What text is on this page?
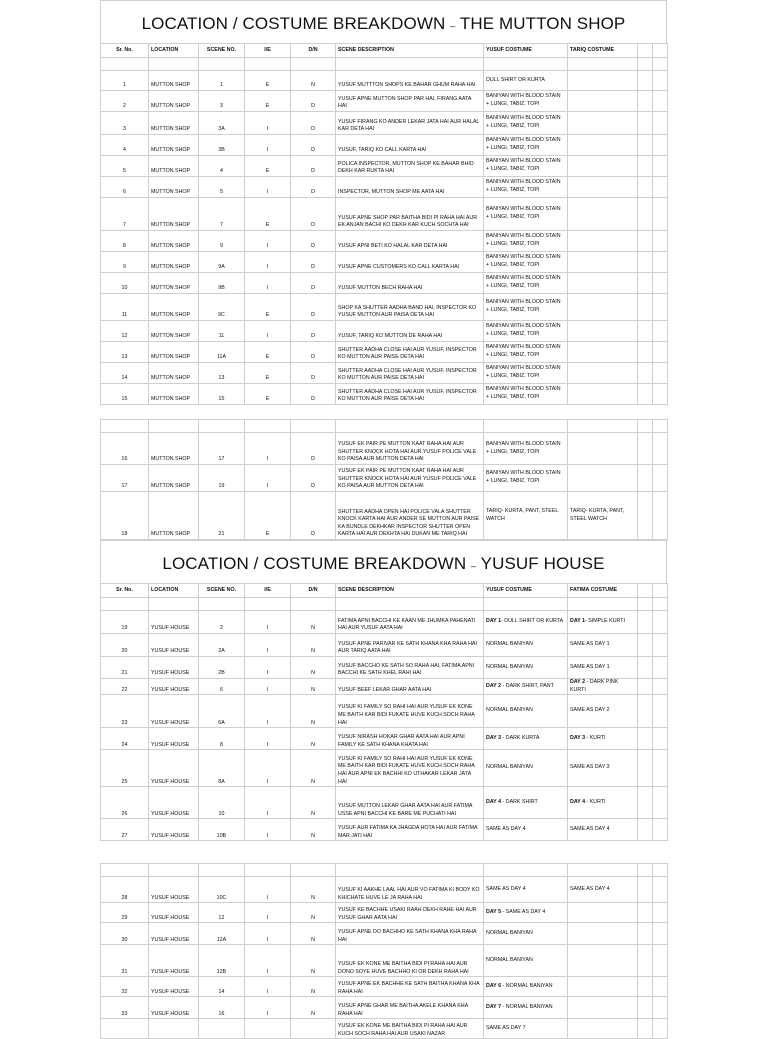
LOCATION / COSTUME BREAKDOWN – THE MUTTON SHOP
Sr. No.	LOCATION	SCENE NO.	I/E	D/N	SCENE DESCRIPTION	YUSUF COSTUME	TARIQ COSTUME		

1	MUTTON SHOP	1	E	N	YUSUF MUTTTON SHOPS KE BAHAR GHUM RAHA HAI	DULL SHIRT OR KURTA			
2	MUTTON SHOP	3	E	D	YUSUF APNE MUTTON SHOP PAR HAI, FIRANG AATA HAI	BANIYAN WITH BLOOD STAIN + LUNGI, TABIZ, TOPI			
3	MUTTON SHOP	3A	I	D	YUSUF FIRANG KO ANDER LEKAR JATA HAI AUR HALAL KAR DETA HAI	BANIYAN WITH BLOOD STAIN + LUNGI, TABIZ, TOPI			
4	MUTTON SHOP	3B	I	D	YUSUF, TARIQ KO CALL KARTA HAI	BANIYAN WITH BLOOD STAIN + LUNGI, TABIZ, TOPI			
5	MUTTON SHOP	4	E	D	POLICA INSPECTOR, MUTTON SHOP KE BAHAR BHID DEKH KAR RUKTA HAI	BANIYAN WITH BLOOD STAIN + LUNGI, TABIZ, TOPI			
6	MUTTON SHOP	5	I	D	INSPECTOR, MUTTON SHOP ME AATA HAI	BANIYAN WITH BLOOD STAIN + LUNGI, TABIZ, TOPI			
7	MUTTON SHOP	7	E	D	YUSUF APNE SHOP PAR BAITHA BIDI PI RAHA HAI AUR EK ANJAN BACHI KO DEKH KAR KUCH SOCHTA HAI	BANIYAN WITH BLOOD STAIN + LUNGI, TABIZ, TOPI			
8	MUTTON SHOP	9	I	D	YUSUF APNI BETI KO HALAL KAR DETA HAI	BANIYAN WITH BLOOD STAIN + LUNGI, TABIZ, TOPI			
9	MUTTON SHOP	9A	I	D	YUSUF APNE CUSTOMERS KO CALL KARTA HAI	BANIYAN WITH BLOOD STAIN + LUNGI, TABIZ, TOPI			
10	MUTTON SHOP	9B	I	D	YUSUF MUTTON BECH RAHA HAI	BANIYAN WITH BLOOD STAIN + LUNGI, TABIZ, TOPI			
11	MUTTON SHOP	9C	E	D	SHOP KA SHUTTER AADHA BAND HAI, INSPECTOR KO YUSUF MUTTON AUR PAISA DETA HAI	BANIYAN WITH BLOOD STAIN + LUNGI, TABIZ, TOPI			
12	MUTTON SHOP	11	I	D	YUSUF, TARIQ KO MUTTON DE RAHA HAI	BANIYAN WITH BLOOD STAIN + LUNGI, TABIZ, TOPI			
13	MUTTON SHOP	11A	E	D	SHUTTER AADHA CLOSE HAI AUR YUSUF, INSPECTOR KO MUTTON AUR PAISE DETA HAI	BANIYAN WITH BLOOD STAIN + LUNGI, TABIZ, TOPI			
14	MUTTON SHOP	13	E	D	SHUTTER AADHA CLOSE HAI AUR YUSUF, INSPECTOR KO MUTTON AUR PAISE DETA HAI	BANIYAN WITH BLOOD STAIN + LUNGI, TABIZ, TOPI			
15	MUTTON SHOP	15	E	D	SHUTTER AADHA CLOSE HAI AUR YUSUF, INSPECTOR KO MUTTON AUR PAISE DETA HAI	BANIYAN WITH BLOOD STAIN + LUNGI, TABIZ, TOPI			

16	MUTTON SHOP	17	I	D	YUSUF EK PAIR PE MUTTON KAAT RAHA HAI AUR SHUTTER KNOCK HOTA HAI AUR YUSUF POLICE VALE KO PAISA AUR MUTTON DETA HAI	BANIYAN WITH BLOOD STAIN + LUNGI, TABIZ, TOPI			
17	MUTTON SHOP	19	I	D	YUSUF EK PAIR PE MUTTON KAAT RAHA HAI AUR SHUTTER KNOCK HOTA HAI AUR YUSUF POLICE VALE KO PAISA AUR MUTTON DETA HAI	BANIYAN WITH BLOOD STAIN + LUNGI, TABIZ, TOPI			
18	MUTTON SHOP	21	E	D	SHUTTER AADHA OPEN HAI POLICE VALA SHUTTER KNOCK KARTA HAI AUR ANDER SE MUTTON AUR PAISE KA BUNDLE DEKHKAR INSPECTOR SHUTTER OPEN KARTA HAI AUR DEKHTA HAI DUKAN ME TARIQ HAI	TARIQ- KURTA, PANT, STEEL WATCH	TARIQ- KURTA, PANT, STEEL WATCH		
LOCATION / COSTUME BREAKDOWN – YUSUF HOUSE
Sr. No.	LOCATION	SCENE NO.	I/E	D/N	SCENE DESCRIPTION	YUSUF COSTUME	FATIMA COSTUME		

19	YUSUF HOUSE	2	I	N	FATIMA APNI BACCHI KE KAAN ME JHUMKA PAHENATI HAI AUR YUSUF AATA HAI	DAY 1- DULL SHIRT OR KURTA	DAY 1- SIMPLE KURTI		
20	YUSUF HOUSE	2A	I	N	YUSUF APNE PARIVAR KE SATH KHANA KHA RAHA HAI AUR TARIQ AATA HAI	NORMAL BANIYAN	SAME AS DAY 1		
21	YUSUF HOUSE	2B	I	N	YUSUF BACCHO KE SATH SO RAHA HAI, FATIMA APNI BACCHI KE SATH KHEL RAHI HAI	NORMAL BANIYAN	SAME AS DAY 1		
22	YUSUF HOUSE	6	I	N	YUSUF BEEF LEKAR GHAR AATA HAI	DAY 2 - DARK SHIRT, PANT	DAY 2 - DARK PINK KURTI		
23	YUSUF HOUSE	6A	I	N	YUSUF KI FAMILY SO RAHI HAI AUR YUSUF EK KONE ME BAITH KAR BIDI FUKATE HUVE KUCH SOCH RAHA HAI	NORMAL BANIYAN	SAME AS DAY 2		
24	YUSUF HOUSE	8	I	N	YUSUF NIRASH HOKAR GHAR AATA HAI AUR APNI FAMILY KE SATH KHANA KHATA HAI	DAY 3 - DARK KURTA	DAY 3 - KURTI		
25	YUSUF HOUSE	8A	I	N	YUSUF KI FAMILY SO RAHI HAI AUR YUSUF EK KONE ME BAITH KAR BIDI FUKATE HUVE KUCH SOCH RAHA HAI AUR APNI EK BACHHI KO UTHAKAR LEKAR JATA HAI	NORMAL BANIYAN	SAME AS DAY 3		
26	YUSUF HOUSE	10	I	N	YUSUF MUTTON LEKAR GHAR AATA HAI AUR FATIMA USSE APNI BACCHI KE BARE ME PUCHATI HAI	DAY 4 - DARK SHIRT	DAY 4 - KURTI		
27	YUSUF HOUSE	10B	I	N	YUSUF AUR FATIMA KA JHAGDA HOTA HAI AUR FATIMA MAR JATI HAI	SAME AS DAY 4	SAME AS DAY 4		

28	YUSUF HOUSE	10C	I	N	YUSUF KI AAKHE LAAL HAI AUR VO FATIMA KI BODY KO KHICHATE HUVE LE JA RAHA HAI	SAME AS DAY 4	SAME AS DAY 4		
29	YUSUF HOUSE	12	I	N	YUSUF KE BACHHE USAKI RAAH DEKH RAHE HAI AUR YUSUF GHAR AATA HAI	DAY 5 - SAME AS DAY 4			
30	YUSUF HOUSE	12A	I	N	YUSUF APNE DO BACHHO KE SATH KHANA KHA RAHA HAI	NORMAL BANIYAN			
31	YUSUF HOUSE	12B	I	N	YUSUF EK KONE ME BAITHA BIDI PI RAHA HAI AUR DONO SOYE HUVE BACHHO KI OR DEKH RAHA HAI	NORMAL BANIYAN			
32	YUSUF HOUSE	14	I	N	YUSUF APNE EK BACHHE KE SATH BAITHA KHANA KHA RAHA HAI	DAY 6 - NORMAL BANIYAN			
33	YUSUF HOUSE	16	I	N	YUSUF APNE GHAR ME BAITHA AKELE KHANA KHA RAHA HAI	DAY 7 - NORMAL BANIYAN			
					YUSUF EK KONE ME BAITHA BIDI PI RAHA HAI AUR KUCH SOCH RAHA HAI AUR USAKI NAZAR	SAME AS DAY 7			
